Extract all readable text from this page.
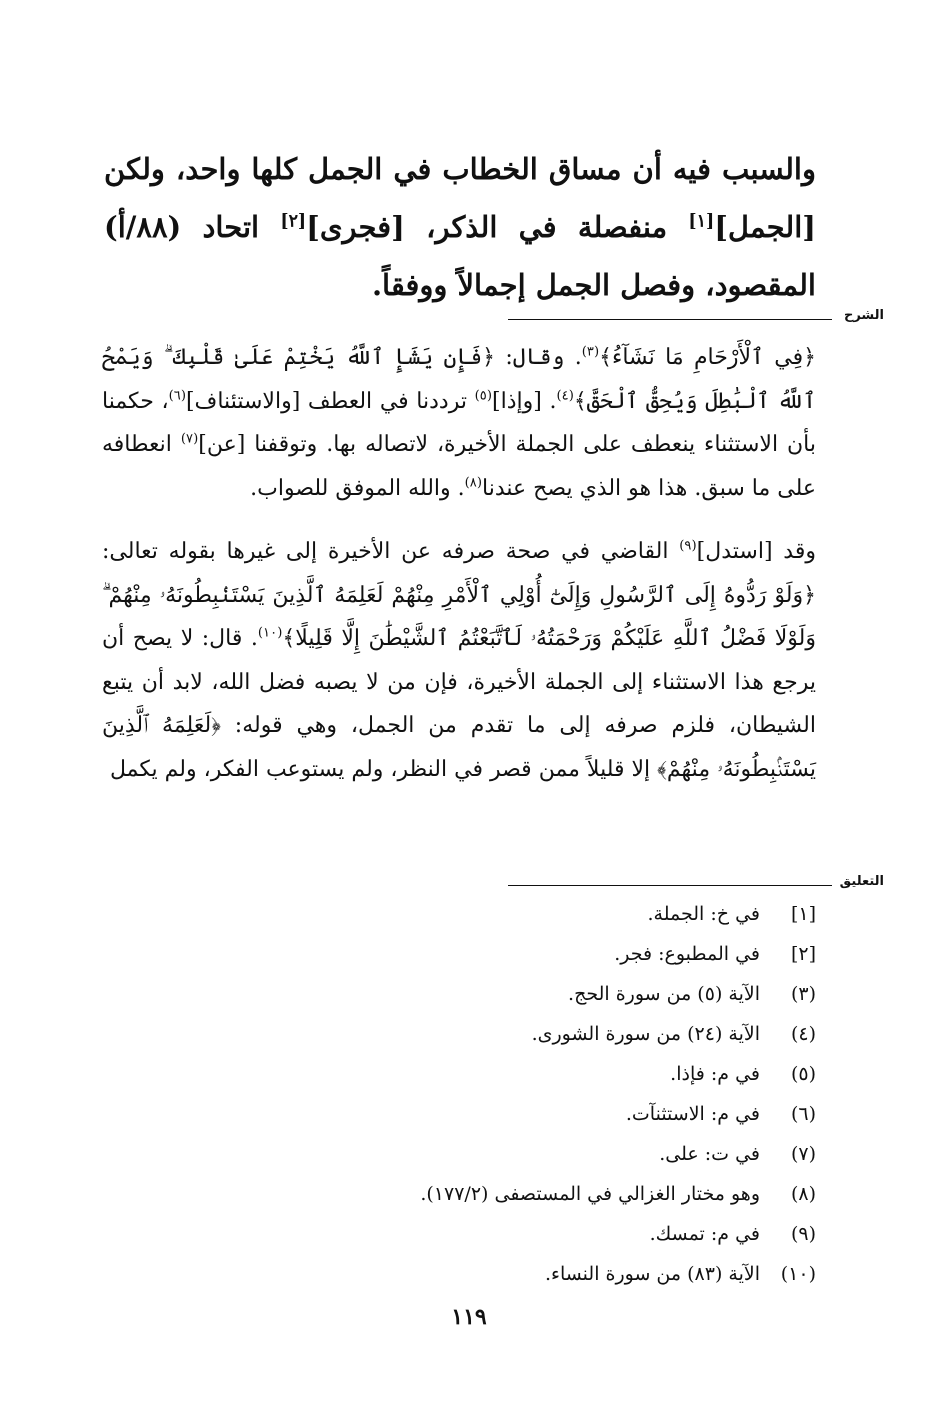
والسبب فيه أن مساق الخطاب في الجمل كلها واحد، ولكن [الجمل][١] منفصلة في الذكر، [فجرى][٢] اتحاد (٨٨/أ) المقصود، وفصل الجمل إجمالاً ووفقاً.
الشرح

﴿فِي ٱلْأَرْحَامِ مَا نَشَآءُ﴾$^{(٣)}$. وقال: ﴿فَإِن يَشَإِ ٱللَّهُ يَخْتِمْ عَلَىٰ قَلْبِكَ ۗ وَيَمْحُ ٱللَّهُ ٱلْبَٰطِلَ وَيُحِقُّ ٱلْحَقَّ﴾$^{(٤)}$. [وإذا]$^{(٥)}$ ترددنا في العطف [والاستئناف]$^{(٦)}$، حكمنا بأن الاستثناء ينعطف على الجملة الأخيرة، لاتصاله بها. وتوقفنا [عن]$^{(٧)}$ انعطافه على ما سبق. هذا هو الذي يصح عندنا$^{(٨)}$. والله الموفق للصواب.

وقد [استدل]$^{(٩)}$ القاضي في صحة صرفه عن الأخيرة إلى غيرها بقوله تعالى: ﴿وَلَوْ رَدُّوهُ إِلَى ٱلرَّسُولِ وَإِلَىٰٓ أُوْلِي ٱلْأَمْرِ مِنْهُمْ لَعَلِمَهُ ٱلَّذِينَ يَسْتَنۢبِطُونَهُۥ مِنْهُمْ ۗ وَلَوْلَا فَضْلُ ٱللَّهِ عَلَيْكُمْ وَرَحْمَتُهُۥ لَٱتَّبَعْتُمُ ٱلشَّيْطَٰنَ إِلَّا قَلِيلًا﴾$^{(١٠)}$. قال: لا يصح أن يرجع هذا الاستثناء إلى الجملة الأخيرة، فإن من لا يصبه فضل الله، لابد أن يتبع الشيطان، فلزم صرفه إلى ما تقدم من الجمل، وهي قوله: ﴿لَعَلِمَهُ ٱلَّذِينَ يَسْتَنۢبِطُونَهُۥ مِنْهُمْ﴾ إلا قليلاً ممن قصر في النظر، ولم يستوعب الفكر، ولم يكمل

التعليق
[١]
في خ: الجملة.
[٢]
في المطبوع: فجر.
(٣)
الآية (٥) من سورة الحج.
(٤)
الآية (٢٤) من سورة الشورى.
(٥)
في م: فإذا.
(٦)
في م: الاستثنآت.
(٧)
في ت: على.
(٨)
وهو مختار الغزالي في المستصفى (١٧٧/٢).
(٩)
في م: تمسك.
(١٠)
الآية (٨٣) من سورة النساء.
١١٩
